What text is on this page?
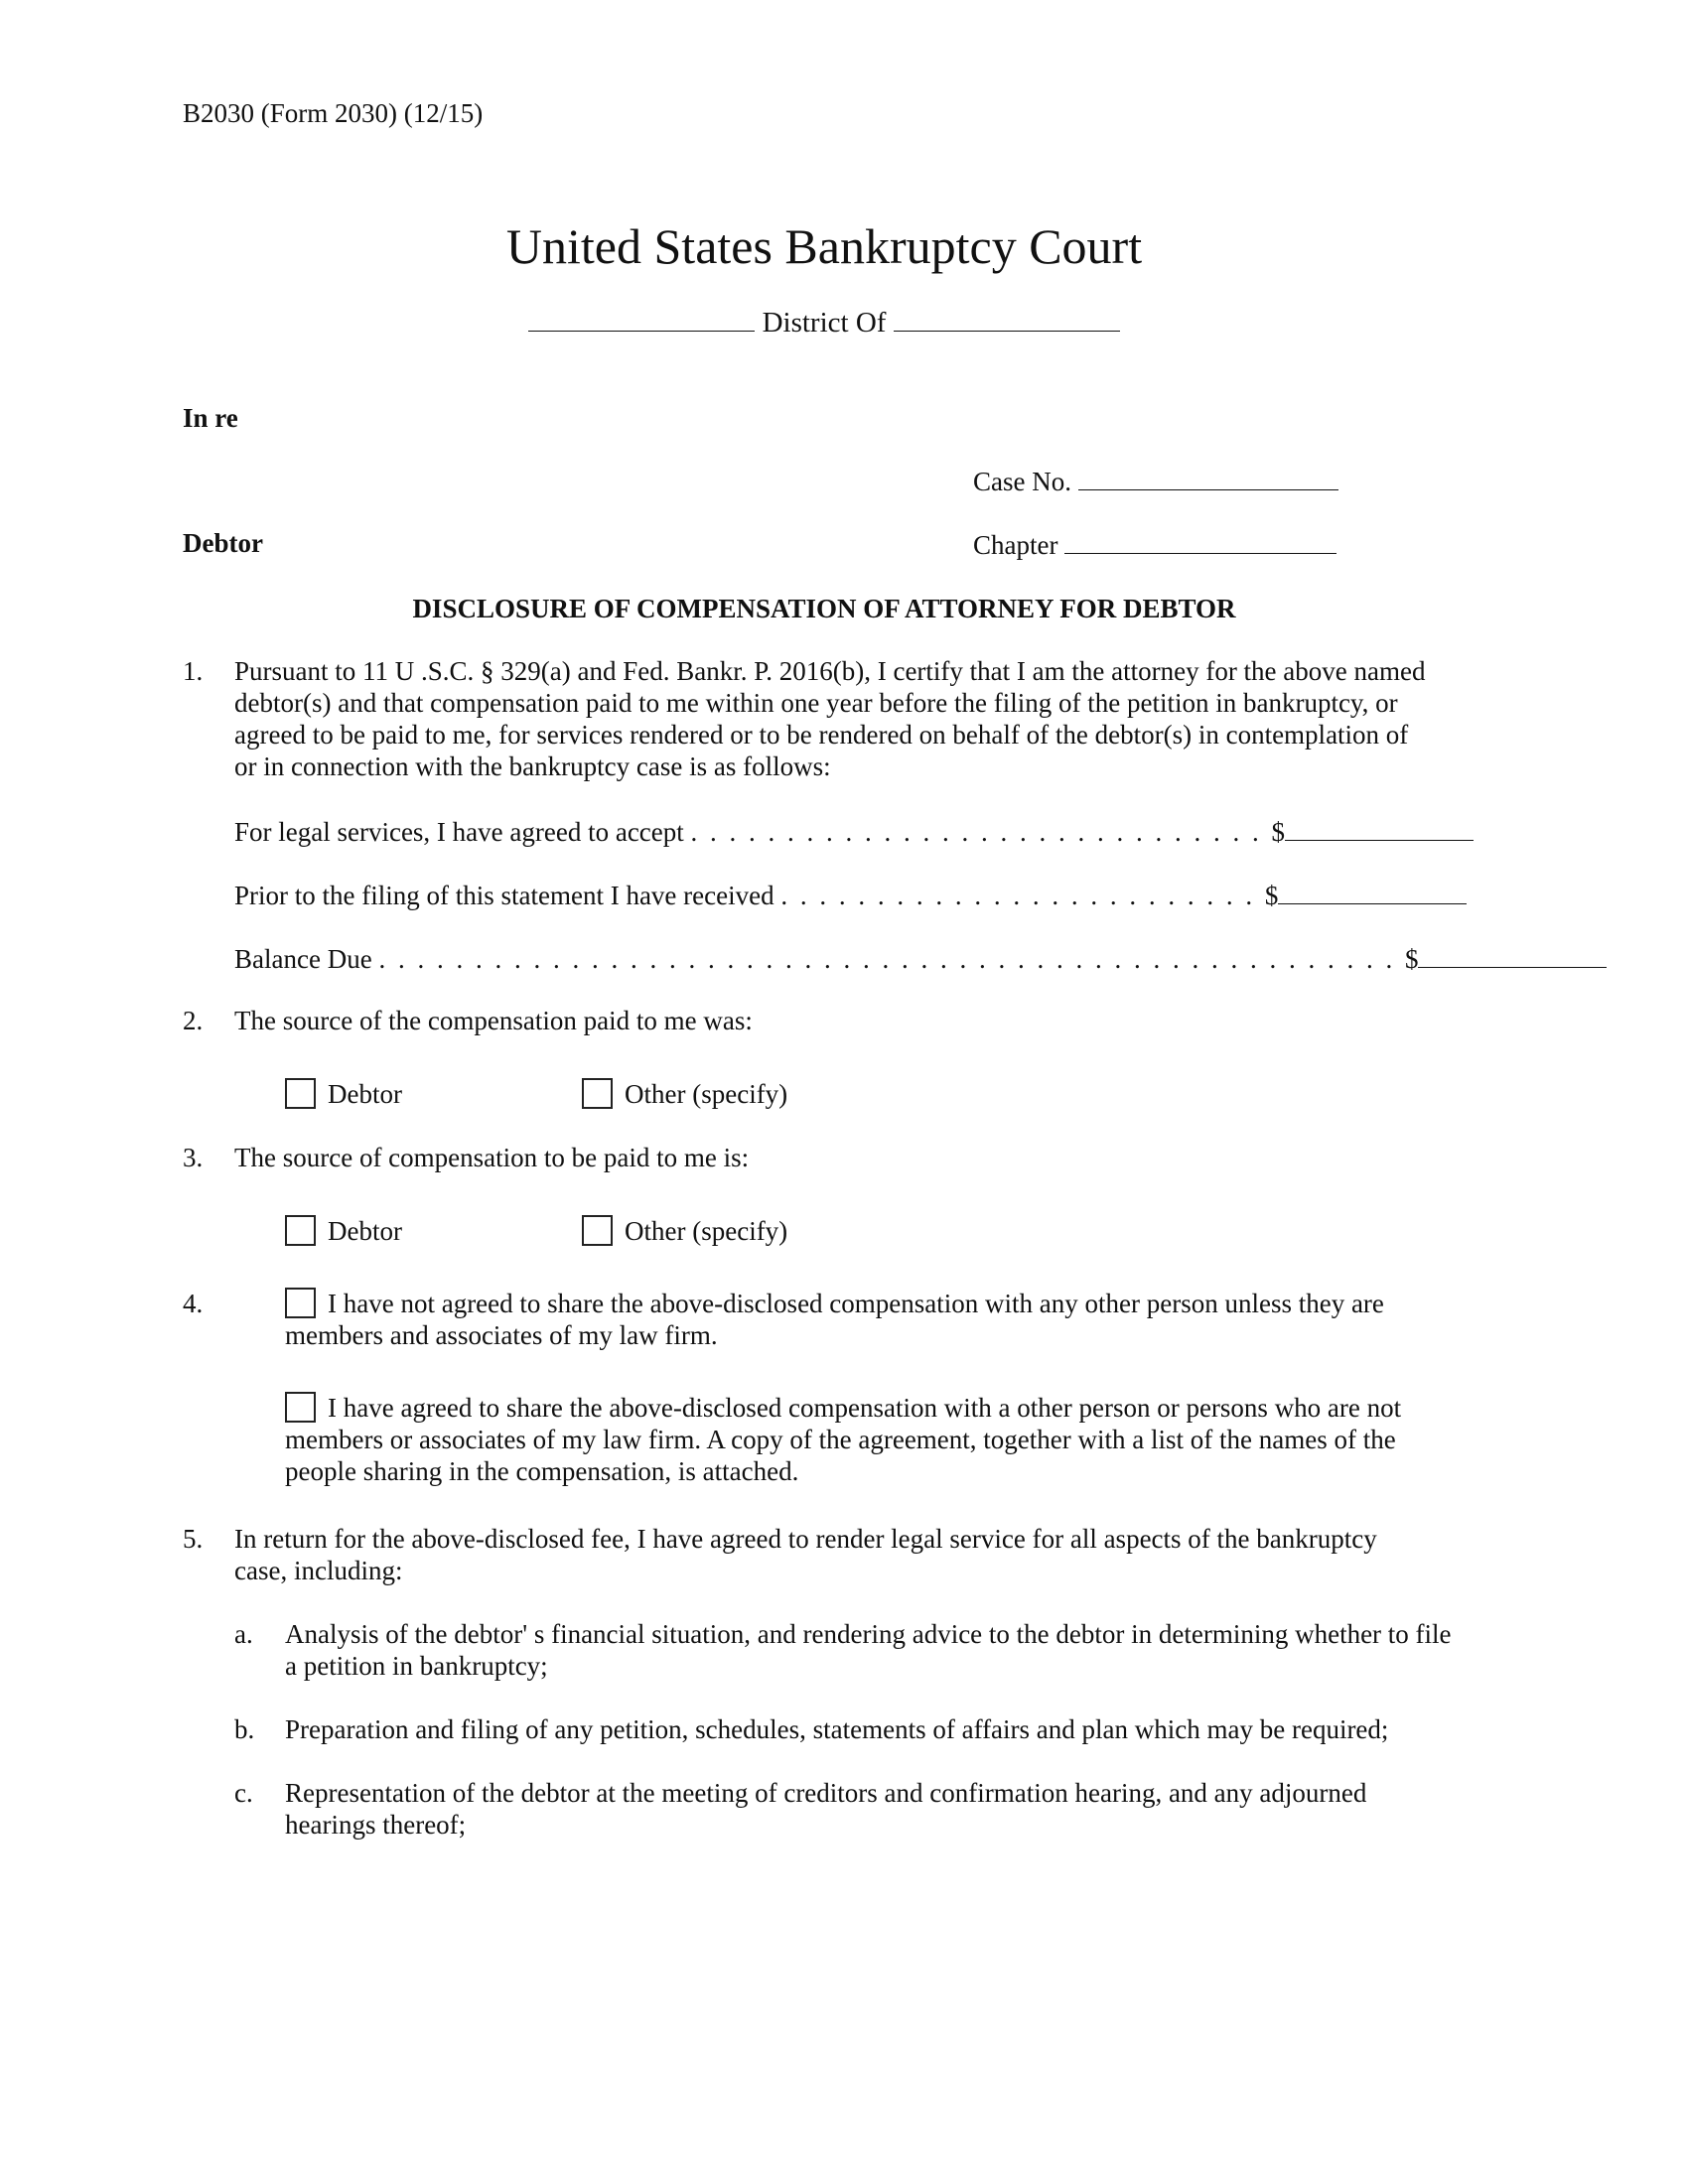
B2030 (Form 2030) (12/15)
United States Bankruptcy Court
District Of
In re
Case No.
Debtor	Chapter
DISCLOSURE OF COMPENSATION OF ATTORNEY FOR DEBTOR
1. Pursuant to 11 U .S.C. § 329(a) and Fed. Bankr. P. 2016(b), I certify that I am the attorney for the above named debtor(s) and that compensation paid to me within one year before the filing of the petition in bankruptcy, or agreed to be paid to me, for services rendered or to be rendered on behalf of the debtor(s) in contemplation of or in connection with the bankruptcy case is as follows:
For legal services, I have agreed to accept . . . . . . . . . . . . . . . . . . . . . . . . . . . . . . $
Prior to the filing of this statement I have received . . . . . . . . . . . . . . . . . . . . . . . . . $
Balance Due . . . . . . . . . . . . . . . . . . . . . . . . . . . . . . . . . . . . . . . . . . . . . . . . . . . . . $
2. The source of the compensation paid to me was:
Debtor	Other (specify)
3. The source of compensation to be paid to me is:
Debtor	Other (specify)
4.	I have not agreed to share the above-disclosed compensation with any other person unless they are members and associates of my law firm.
I have agreed to share the above-disclosed compensation with a other person or persons who are not members or associates of my law firm. A copy of the agreement, together with a list of the names of the people sharing in the compensation, is attached.
5. In return for the above-disclosed fee, I have agreed to render legal service for all aspects of the bankruptcy case, including:
a. Analysis of the debtor' s financial situation, and rendering advice to the debtor in determining whether to file a petition in bankruptcy;
b. Preparation and filing of any petition, schedules, statements of affairs and plan which may be required;
c. Representation of the debtor at the meeting of creditors and confirmation hearing, and any adjourned hearings thereof;
